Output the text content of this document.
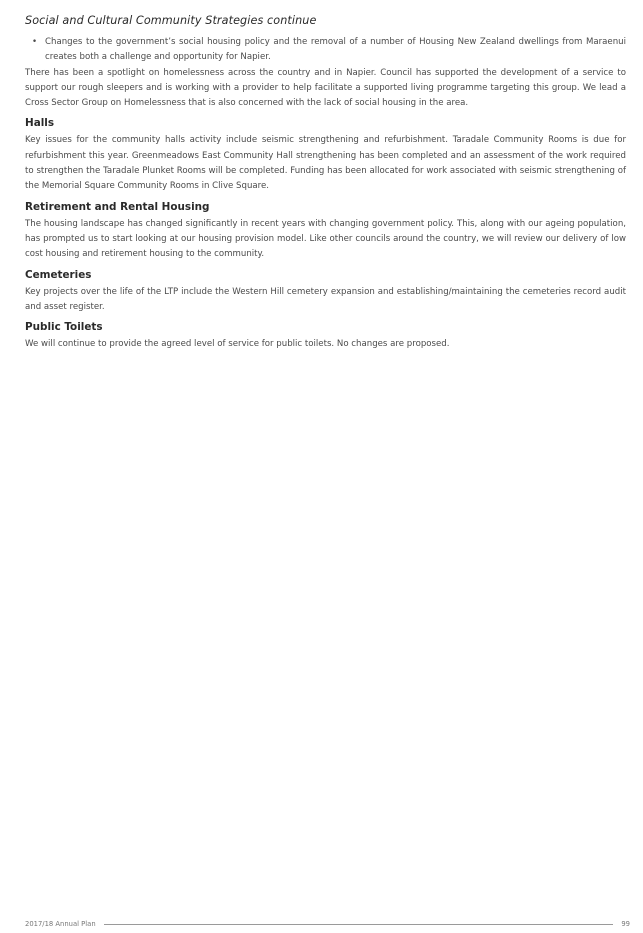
Social and Cultural Community Strategies continue
• Changes to the government’s social housing policy and the removal of a number of Housing New Zealand dwellings from Maraenui creates both a challenge and opportunity for Napier.

There has been a spotlight on homelessness across the country and in Napier. Council has supported the development of a service to support our rough sleepers and is working with a provider to help facilitate a supported living programme targeting this group. We lead a Cross Sector Group on Homelessness that is also concerned with the lack of social housing in the area.

Halls

Key issues for the community halls activity include seismic strengthening and refurbishment. Taradale Community Rooms is due for refurbishment this year. Greenmeadows East Community Hall strengthening has been completed and an assessment of the work required to strengthen the Taradale Plunket Rooms will be completed. Funding has been allocated for work associated with seismic strengthening of the Memorial Square Community Rooms in Clive Square.

Retirement and Rental Housing

The housing landscape has changed significantly in recent years with changing government policy. This, along with our ageing population, has prompted us to start looking at our housing provision model. Like other councils around the country, we will review our delivery of low cost housing and retirement housing to the community.

Cemeteries

Key projects over the life of the LTP include the Western Hill cemetery expansion and establishing/maintaining the cemeteries record audit and asset register.

Public Toilets

We will continue to provide the agreed level of service for public toilets. No changes are proposed.

2017/18 Annual Plan	99
